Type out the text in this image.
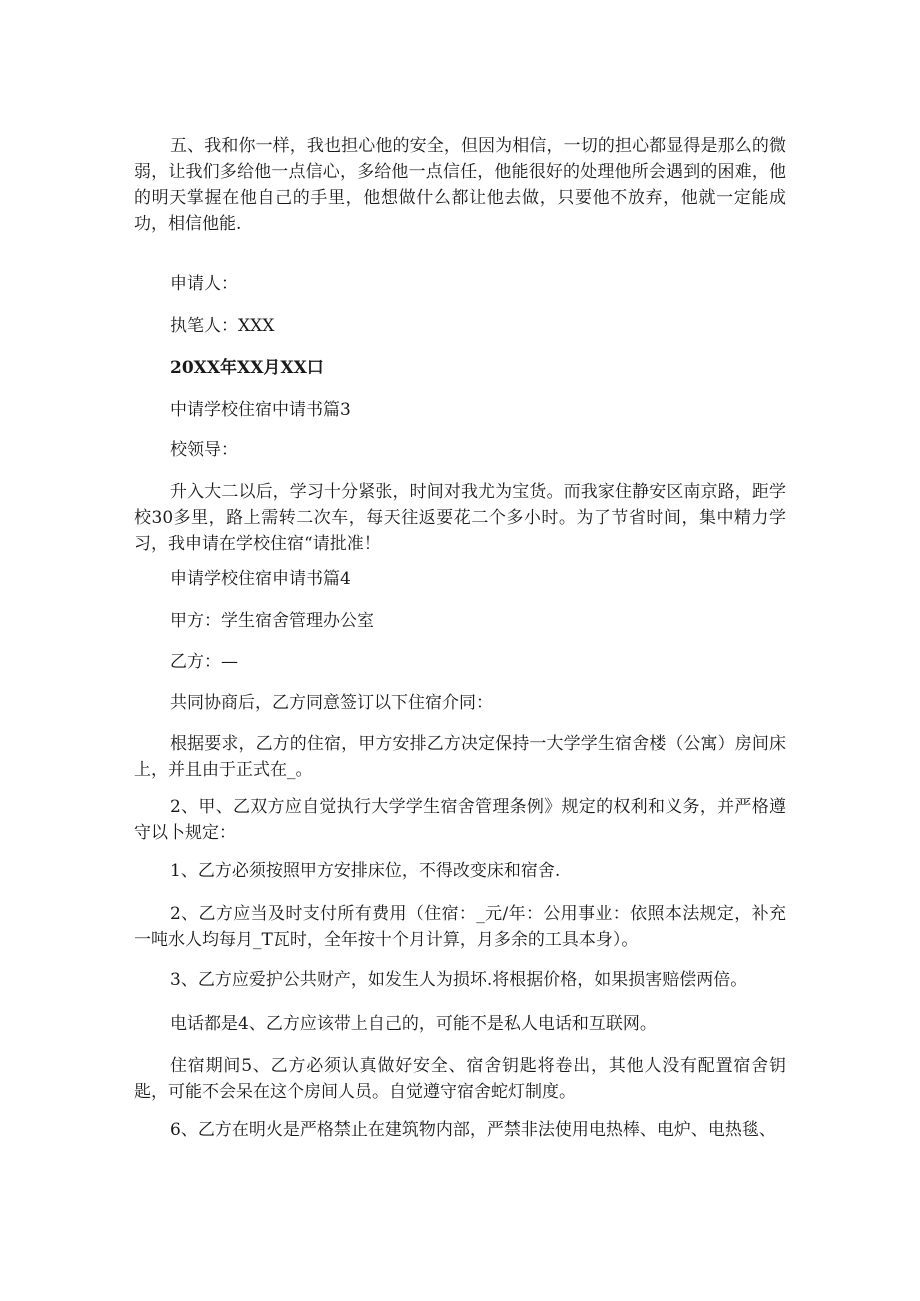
五、我和你一样，我也担心他的安全，但因为相信，一切的担心都显得是那么的微弱，让我们多给他一点信心，多给他一点信任，他能很好的处理他所会遇到的困难，他的明天掌握在他自己的手里，他想做什么都让他去做，只要他不放弃，他就一定能成功，相信他能.

申请人：

执笔人：XXX

20XX年XX月XX口

中请学校住宿中请书篇3

校领导：

升入大二以后，学习十分紧张，时间对我尤为宝货。而我家住静安区南京路，距学校30多里，路上需转二次车，每天往返要花二个多小时。为了节省时间，集中精力学习，我申请在学校住宿“请批准！

申请学校住宿申请书篇4

甲方：学生宿舍管理办公室

乙方：—

共同协商后，乙方同意签订以下住宿介同：

根据要求，乙方的住宿，甲方安排乙方决定保持一大学学生宿舍楼（公寓）房间床上，并且由于正式在_。

2、甲、乙双方应自觉执行大学学生宿舍管理条例》规定的权利和义务，并严格遵守以卜规定：

1、乙方必须按照甲方安排床位，不得改变床和宿舍.

2、乙方应当及时支付所有费用（住宿：_元/年：公用事业：依照本法规定，补充一吨水人均每月_T瓦时，全年按十个月计算，月多余的工具本身）。

3、乙方应爱护公共财产，如发生人为损坏.将根据价格，如果损害赔偿两倍。

电话都是4、乙方应该带上自己的，可能不是私人电话和互联网。

住宿期间5、乙方必须认真做好安全、宿舍钥匙将卷出，其他人没有配置宿舍钥匙，可能不会呆在这个房间人员。自觉遵守宿舍蛇灯制度。

6、乙方在明火是严格禁止在建筑物内部，严禁非法使用电热棒、电炉、电热毯、
